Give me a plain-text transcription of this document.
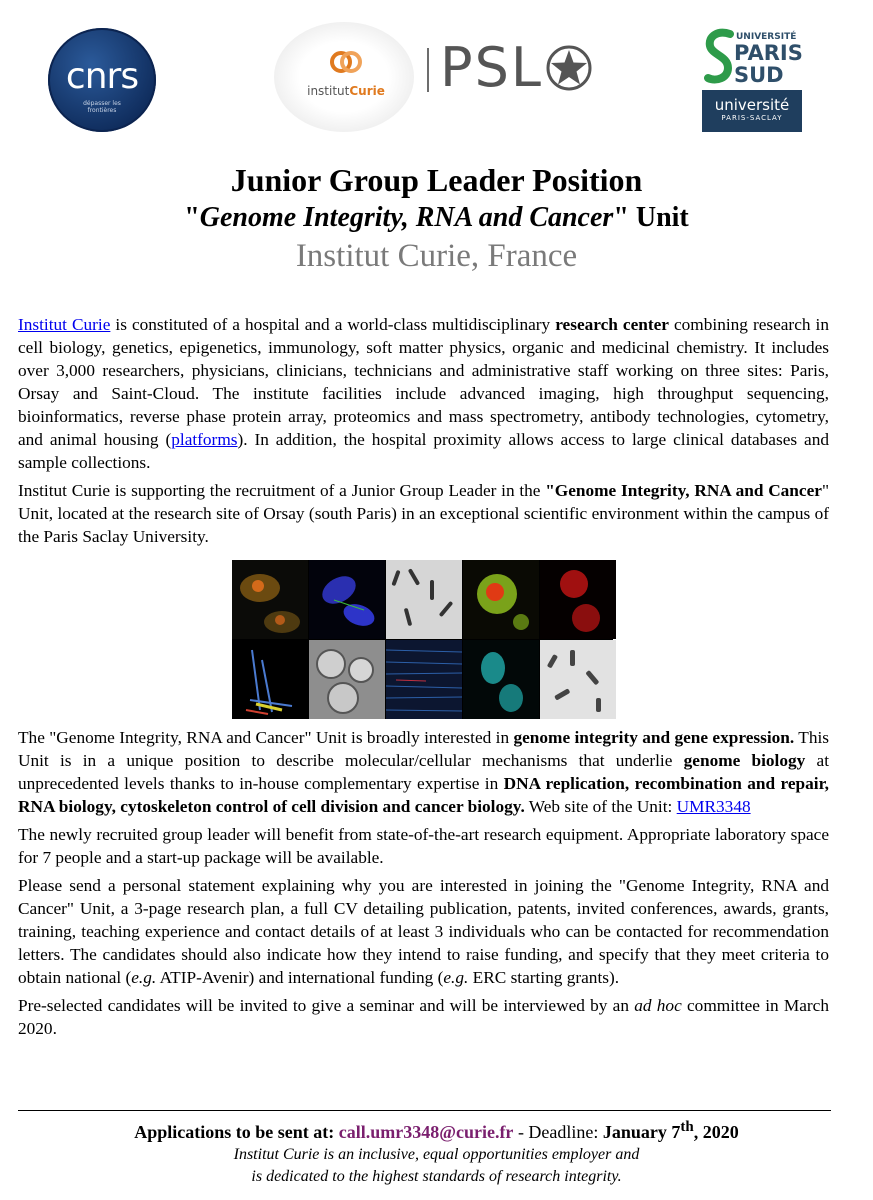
cnrs
dépasser les frontières
institutCurie	PSL	UNIVERSITÉ
PARIS
SUD
université
PARIS-SACLAY
Junior Group Leader Position
"Genome Integrity, RNA and Cancer" Unit
Institut Curie, France

Institut Curie is constituted of a hospital and a world-class multidisciplinary research center combining research in cell biology, genetics, epigenetics, immunology, soft matter physics, organic and medicinal chemistry. It includes over 3,000 researchers, physicians, clinicians, technicians and administrative staff working on three sites: Paris, Orsay and Saint-Cloud. The institute facilities include advanced imaging, high throughput sequencing, bioinformatics, reverse phase protein array, proteomics and mass spectrometry, antibody technologies, cytometry, and animal housing (platforms). In addition, the hospital proximity allows access to large clinical databases and sample collections.

Institut Curie is supporting the recruitment of a Junior Group Leader in the "Genome Integrity, RNA and Cancer" Unit, located at the research site of Orsay (south Paris) in an exceptional scientific environment within the campus of the Paris Saclay University.

The "Genome Integrity, RNA and Cancer" Unit is broadly interested in genome integrity and gene expression. This Unit is in a unique position to describe molecular/cellular mechanisms that underlie genome biology at unprecedented levels thanks to in-house complementary expertise in DNA replication, recombination and repair, RNA biology, cytoskeleton control of cell division and cancer biology. Web site of the Unit: UMR3348

The newly recruited group leader will benefit from state-of-the-art research equipment. Appropriate laboratory space for 7 people and a start-up package will be available.

Please send a personal statement explaining why you are interested in joining the "Genome Integrity, RNA and Cancer" Unit, a 3-page research plan, a full CV detailing publication, patents, invited conferences, awards, grants, training, teaching experience and contact details of at least 3 individuals who can be contacted for recommendation letters. The candidates should also indicate how they intend to raise funding, and specify that they meet criteria to obtain national (e.g. ATIP-Avenir) and international funding (e.g. ERC starting grants).

Pre-selected candidates will be invited to give a seminar and will be interviewed by an ad hoc committee in March 2020.

Applications to be sent at: call.umr3348@curie.fr - Deadline: January 7th, 2020
Institut Curie is an inclusive, equal opportunities employer and
is dedicated to the highest standards of research integrity.
